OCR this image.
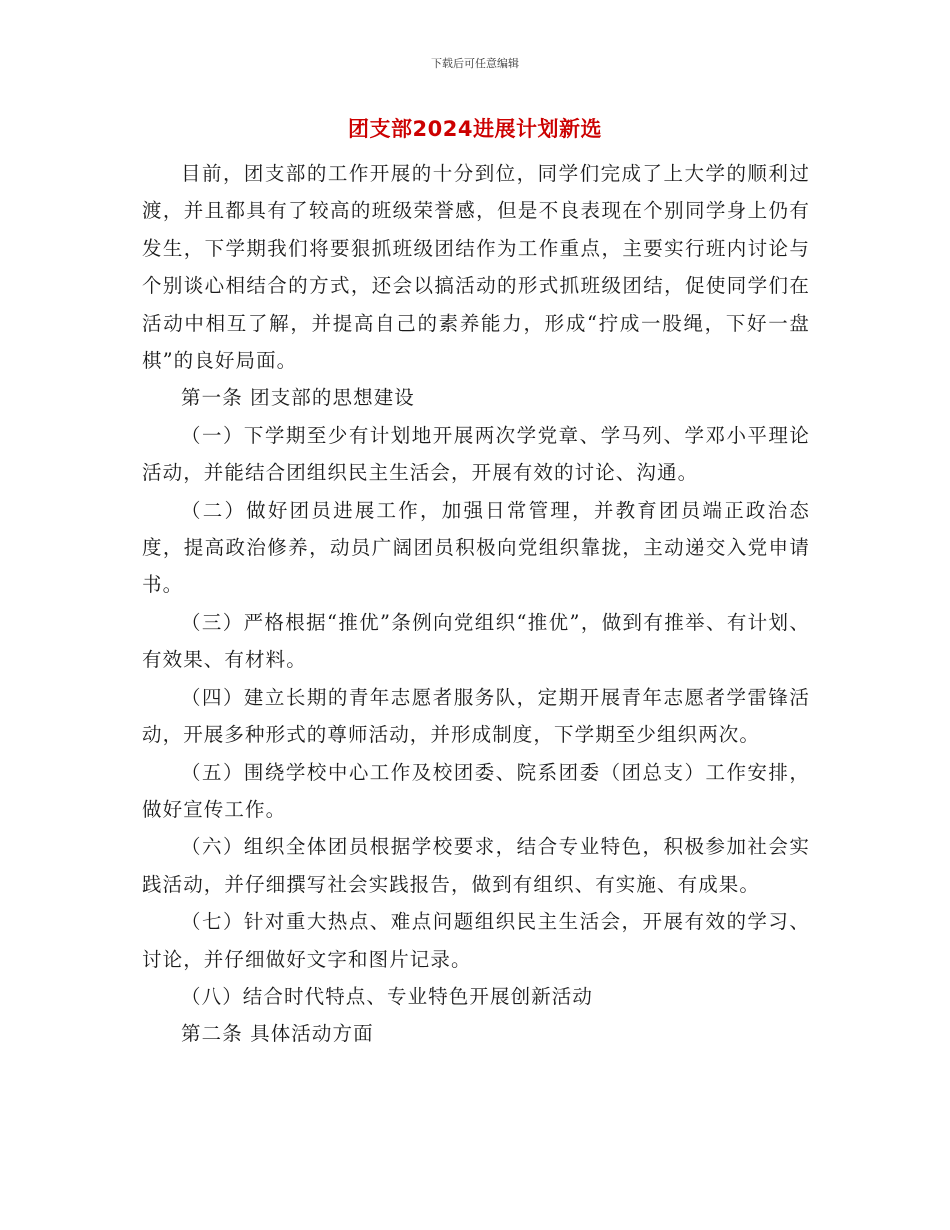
下载后可任意编辑
团支部2024进展计划新选

目前，团支部的工作开展的十分到位，同学们完成了上大学的顺利过渡，并且都具有了较高的班级荣誉感，但是不良表现在个别同学身上仍有发生，下学期我们将要狠抓班级团结作为工作重点，主要实行班内讨论与个别谈心相结合的方式，还会以搞活动的形式抓班级团结，促使同学们在活动中相互了解，并提高自己的素养能力，形成“拧成一股绳，下好一盘棋”的良好局面。

第一条 团支部的思想建设

（一）下学期至少有计划地开展两次学党章、学马列、学邓小平理论活动，并能结合团组织民主生活会，开展有效的讨论、沟通。

（二）做好团员进展工作，加强日常管理，并教育团员端正政治态度，提高政治修养，动员广阔团员积极向党组织靠拢，主动递交入党申请书。

（三）严格根据“推优”条例向党组织“推优”，做到有推举、有计划、有效果、有材料。

（四）建立长期的青年志愿者服务队，定期开展青年志愿者学雷锋活动，开展多种形式的尊师活动，并形成制度，下学期至少组织两次。

（五）围绕学校中心工作及校团委、院系团委（团总支）工作安排，做好宣传工作。

（六）组织全体团员根据学校要求，结合专业特色，积极参加社会实践活动，并仔细撰写社会实践报告，做到有组织、有实施、有成果。

（七）针对重大热点、难点问题组织民主生活会，开展有效的学习、讨论，并仔细做好文字和图片记录。

（八）结合时代特点、专业特色开展创新活动

第二条 具体活动方面
